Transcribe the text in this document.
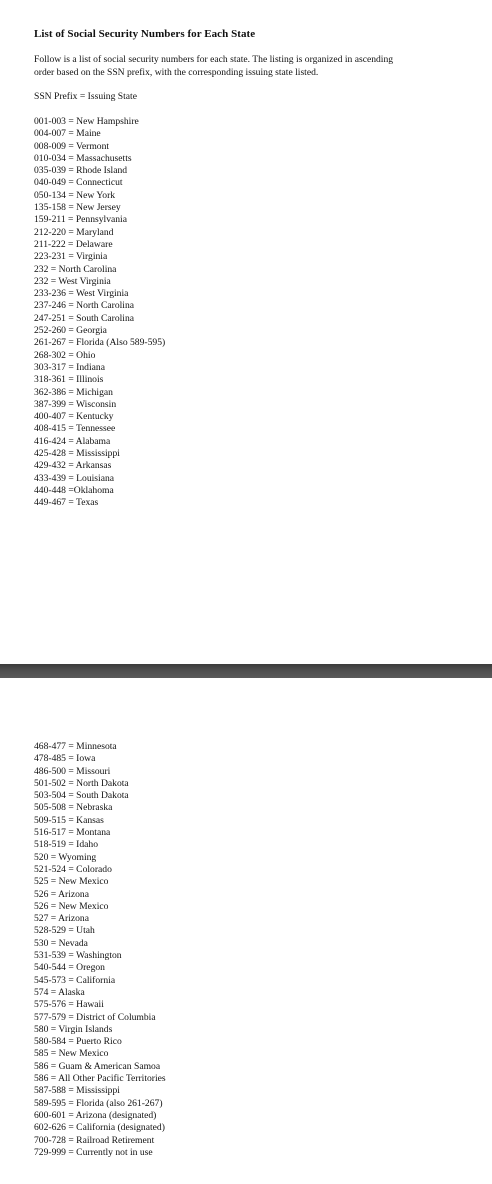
List of Social Security Numbers for Each State
Follow is a list of social security numbers for each state. The listing is organized in ascending
order based on the SSN prefix, with the corresponding issuing state listed.
SSN Prefix = Issuing State
001-003 = New Hampshire
004-007 = Maine
008-009 = Vermont
010-034 = Massachusetts
035-039 = Rhode Island
040-049 = Connecticut
050-134 = New York
135-158 = New Jersey
159-211 = Pennsylvania
212-220 = Maryland
211-222 = Delaware
223-231 = Virginia
232 = North Carolina
232 = West Virginia
233-236 = West Virginia
237-246 = North Carolina
247-251 = South Carolina
252-260 = Georgia
261-267 = Florida (Also 589-595)
268-302 = Ohio
303-317 = Indiana
318-361 = Illinois
362-386 = Michigan
387-399 = Wisconsin
400-407 = Kentucky
408-415 = Tennessee
416-424 = Alabama
425-428 = Mississippi
429-432 = Arkansas
433-439 = Louisiana
440-448 =Oklahoma
449-467 = Texas
468-477 = Minnesota
478-485 = Iowa
486-500 = Missouri
501-502 = North Dakota
503-504 = South Dakota
505-508 = Nebraska
509-515 = Kansas
516-517 = Montana
518-519 = Idaho
520 = Wyoming
521-524 = Colorado
525 = New Mexico
526 = Arizona
526 = New Mexico
527 = Arizona
528-529 = Utah
530 = Nevada
531-539 = Washington
540-544 = Oregon
545-573 = California
574 = Alaska
575-576 = Hawaii
577-579 = District of Columbia
580 = Virgin Islands
580-584 = Puerto Rico
585 = New Mexico
586 = Guam & American Samoa
586 = All Other Pacific Territories
587-588 = Mississippi
589-595 = Florida (also 261-267)
600-601 = Arizona (designated)
602-626 = California (designated)
700-728 = Railroad Retirement
729-999 = Currently not in use
